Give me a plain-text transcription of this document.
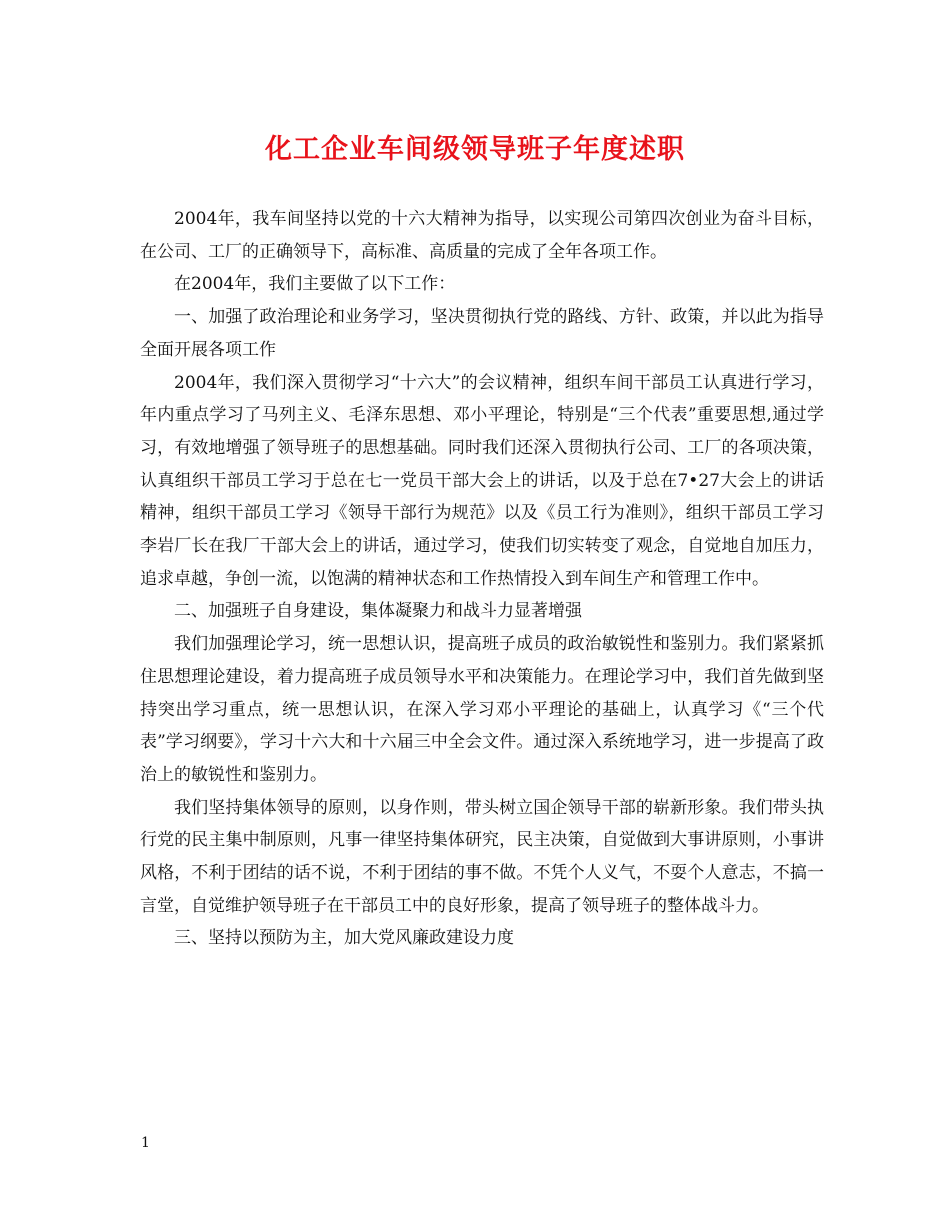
化工企业车间级领导班子年度述职

2004年，我车间坚持以党的十六大精神为指导，以实现公司第四次创业为奋斗目标，在公司、工厂的正确领导下，高标准、高质量的完成了全年各项工作。

在2004年，我们主要做了以下工作：

一、加强了政治理论和业务学习，坚决贯彻执行党的路线、方针、政策，并以此为指导全面开展各项工作

2004年，我们深入贯彻学习“十六大”的会议精神，组织车间干部员工认真进行学习，年内重点学习了马列主义、毛泽东思想、邓小平理论，特别是“三个代表”重要思想,通过学习，有效地增强了领导班子的思想基础。同时我们还深入贯彻执行公司、工厂的各项决策，认真组织干部员工学习于总在七一党员干部大会上的讲话，以及于总在7•27大会上的讲话精神，组织干部员工学习《领导干部行为规范》以及《员工行为准则》，组织干部员工学习李岩厂长在我厂干部大会上的讲话，通过学习，使我们切实转变了观念，自觉地自加压力，追求卓越，争创一流，以饱满的精神状态和工作热情投入到车间生产和管理工作中。

二、加强班子自身建设，集体凝聚力和战斗力显著增强

我们加强理论学习，统一思想认识，提高班子成员的政治敏锐性和鉴别力。我们紧紧抓住思想理论建设，着力提高班子成员领导水平和决策能力。在理论学习中，我们首先做到坚持突出学习重点，统一思想认识，在深入学习邓小平理论的基础上，认真学习《“三个代表”学习纲要》，学习十六大和十六届三中全会文件。通过深入系统地学习，进一步提高了政治上的敏锐性和鉴别力。

我们坚持集体领导的原则，以身作则，带头树立国企领导干部的崭新形象。我们带头执行党的民主集中制原则，凡事一律坚持集体研究，民主决策，自觉做到大事讲原则，小事讲风格，不利于团结的话不说，不利于团结的事不做。不凭个人义气，不耍个人意志，不搞一言堂，自觉维护领导班子在干部员工中的良好形象，提高了领导班子的整体战斗力。

三、坚持以预防为主，加大党风廉政建设力度

1
